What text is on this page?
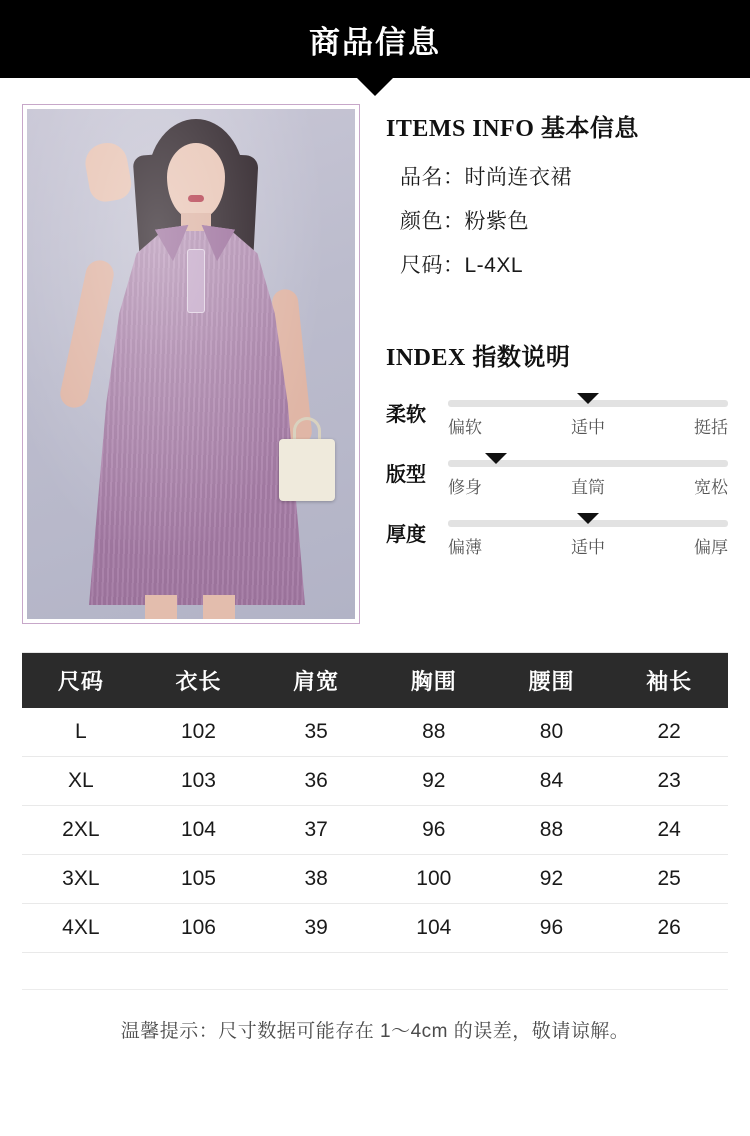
商品信息
ITEMS INFO 基本信息
品名：时尚连衣裙
颜色：粉紫色
尺码：L-4XL
INDEX 指数说明
柔软
偏软	适中	挺括
版型
修身	直筒	宽松
厚度
偏薄	适中	偏厚
尺码	衣长	肩宽	胸围	腰围	袖长
L	102	35	88	80	22
XL	103	36	92	84	23
2XL	104	37	96	88	24
3XL	105	38	100	92	25
4XL	106	39	104	96	26
温馨提示：尺寸数据可能存在 1～4cm 的误差，敬请谅解。
